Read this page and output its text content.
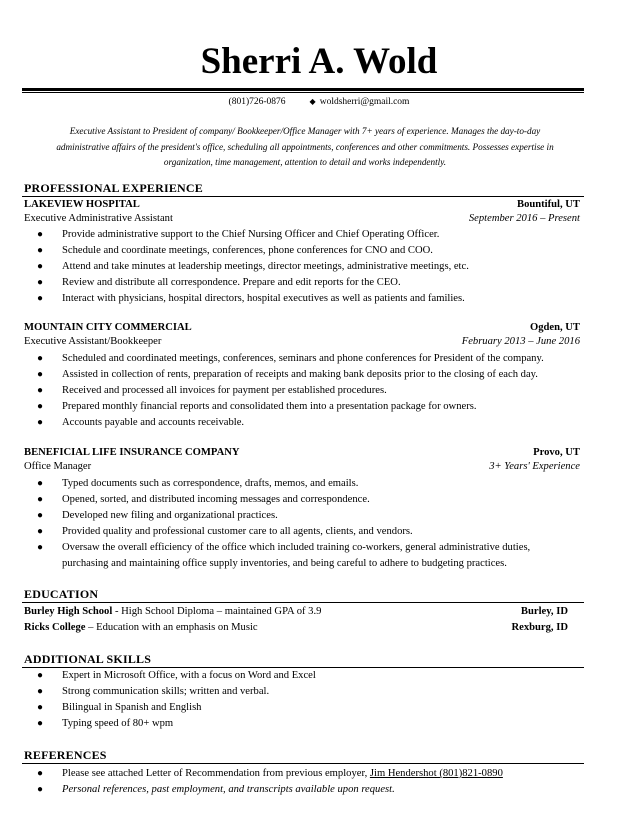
Sherri A. Wold
(801)726-0876	◆ woldsherri@gmail.com
Executive Assistant to President of company/ Bookkeeper/Office Manager with 7+ years of experience. Manages the day-to-day
administrative affairs of the president's office, scheduling all appointments, conferences and other commitments. Possesses expertise in
organization, time management, attention to detail and works independently.
PROFESSIONAL EXPERIENCE
LAKEVIEW HOSPITAL	Bountiful, UT
Executive Administrative Assistant	September 2016 – Present
● Provide administrative support to the Chief Nursing Officer and Chief Operating Officer.
● Schedule and coordinate meetings, conferences, phone conferences for CNO and COO.
● Attend and take minutes at leadership meetings, director meetings, administrative meetings, etc.
● Review and distribute all correspondence. Prepare and edit reports for the CEO.
● Interact with physicians, hospital directors, hospital executives as well as patients and families.
MOUNTAIN CITY COMMERCIAL	Ogden, UT
Executive Assistant/Bookkeeper	February 2013 – June 2016
● Scheduled and coordinated meetings, conferences, seminars and phone conferences for President of the company.
● Assisted in collection of rents, preparation of receipts and making bank deposits prior to the closing of each day.
● Received and processed all invoices for payment per established procedures.
● Prepared monthly financial reports and consolidated them into a presentation package for owners.
● Accounts payable and accounts receivable.
BENEFICIAL LIFE INSURANCE COMPANY	Provo, UT
Office Manager	3+ Years' Experience
● Typed documents such as correspondence, drafts, memos, and emails.
● Opened, sorted, and distributed incoming messages and correspondence.
● Developed new filing and organizational practices.
● Provided quality and professional customer care to all agents, clients, and vendors.
● Oversaw the overall efficiency of the office which included training co-workers, general administrative duties,
purchasing and maintaining office supply inventories, and being careful to adhere to budgeting practices.
EDUCATION
Burley High School - High School Diploma – maintained GPA of 3.9	Burley, ID
Ricks College – Education with an emphasis on Music	Rexburg, ID
ADDITIONAL SKILLS
● Expert in Microsoft Office, with a focus on Word and Excel
● Strong communication skills; written and verbal.
● Bilingual in Spanish and English
● Typing speed of 80+ wpm
REFERENCES
● Please see attached Letter of Recommendation from previous employer, Jim Hendershot (801)821-0890
● Personal references, past employment, and transcripts available upon request.
